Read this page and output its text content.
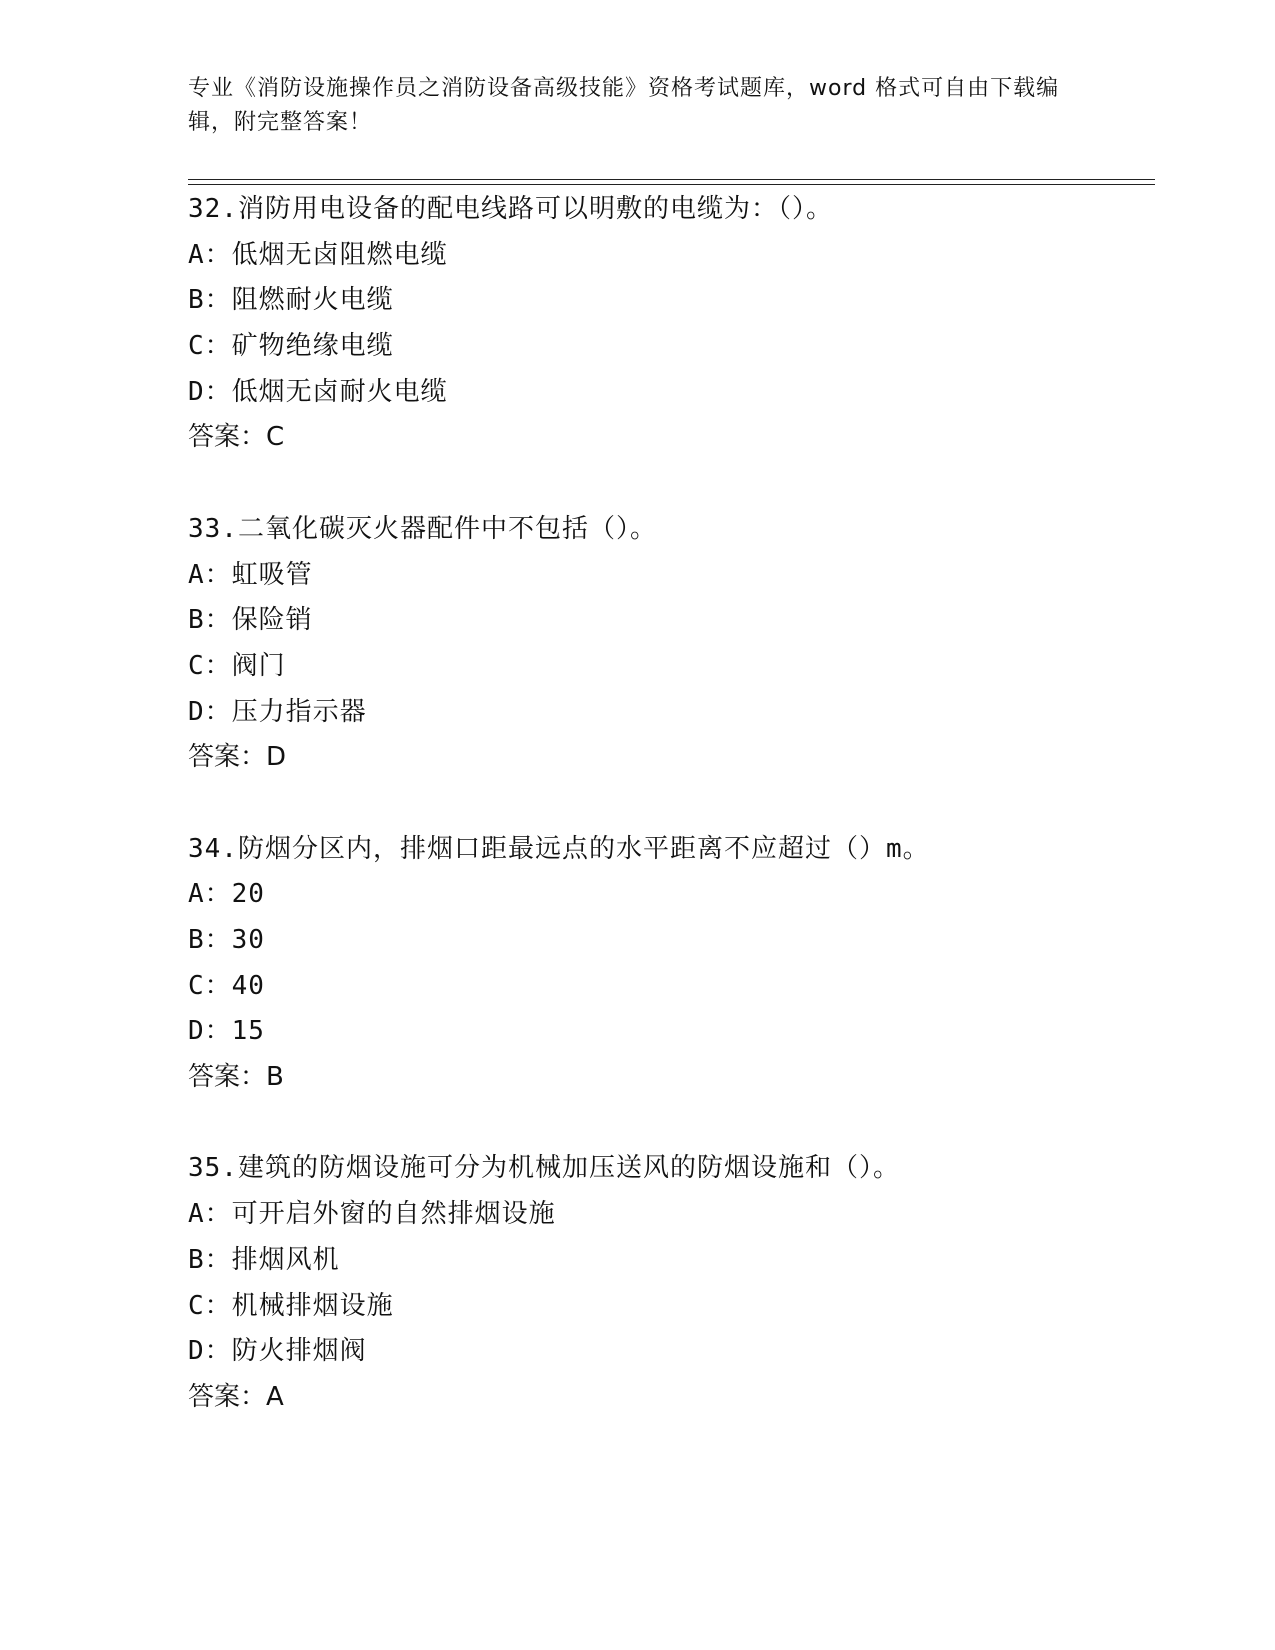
专业《消防设施操作员之消防设备高级技能》资格考试题库，word 格式可自由下载编辑，附完整答案！
32.消防用电设备的配电线路可以明敷的电缆为：（）。
A：低烟无卤阻燃电缆
B：阻燃耐火电缆
C：矿物绝缘电缆
D：低烟无卤耐火电缆
答案：C
33.二氧化碳灭火器配件中不包括（）。
A：虹吸管
B：保险销
C：阀门
D：压力指示器
答案：D
34.防烟分区内，排烟口距最远点的水平距离不应超过（）m。
A：20
B：30
C：40
D：15
答案：B
35.建筑的防烟设施可分为机械加压送风的防烟设施和（）。
A：可开启外窗的自然排烟设施
B：排烟风机
C：机械排烟设施
D：防火排烟阀
答案：A
